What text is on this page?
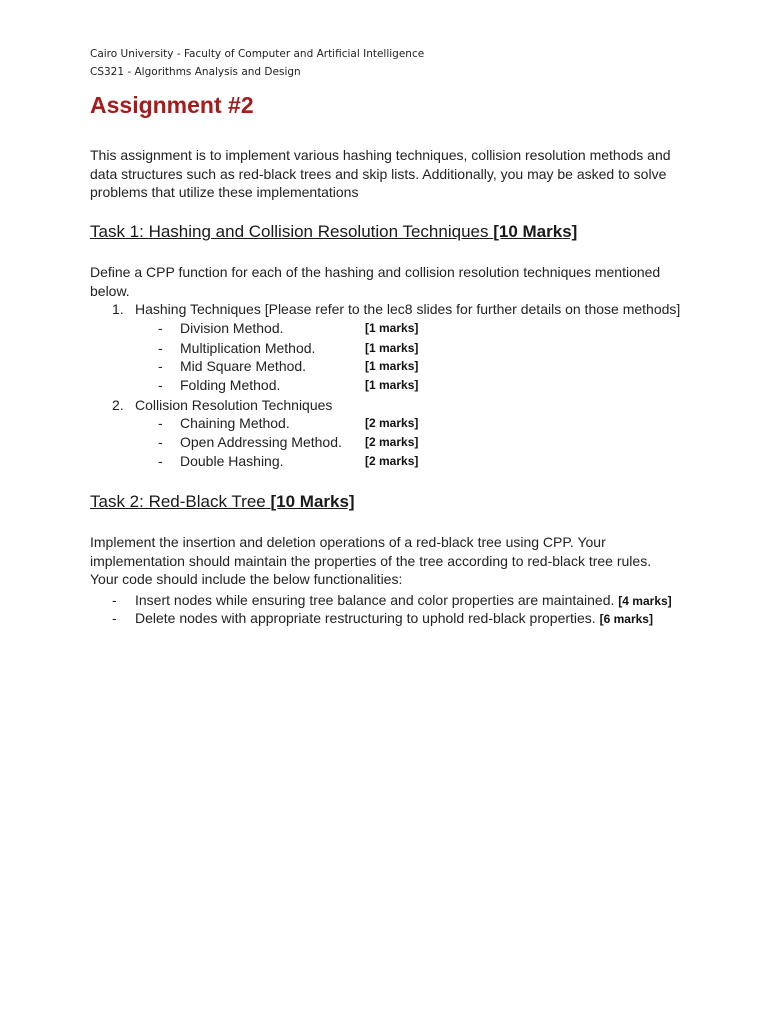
Cairo University - Faculty of Computer and Artificial Intelligence
CS321 - Algorithms Analysis and Design
Assignment #2
This assignment is to implement various hashing techniques, collision resolution methods and data structures such as red-black trees and skip lists. Additionally, you may be asked to solve problems that utilize these implementations
Task 1: Hashing and Collision Resolution Techniques [10 Marks]
Define a CPP function for each of the hashing and collision resolution techniques mentioned below.
1. Hashing Techniques [Please refer to the lec8 slides for further details on those methods]
- Division Method.	[1 marks]
- Multiplication Method.	[1 marks]
- Mid Square Method.	[1 marks]
- Folding Method.	[1 marks]
2. Collision Resolution Techniques
- Chaining Method.	[2 marks]
- Open Addressing Method. [2 marks]
- Double Hashing.	[2 marks]
Task 2: Red-Black Tree [10 Marks]
Implement the insertion and deletion operations of a red-black tree using CPP. Your implementation should maintain the properties of the tree according to red-black tree rules. Your code should include the below functionalities:
- Insert nodes while ensuring tree balance and color properties are maintained. [4 marks]
- Delete nodes with appropriate restructuring to uphold red-black properties. [6 marks]
